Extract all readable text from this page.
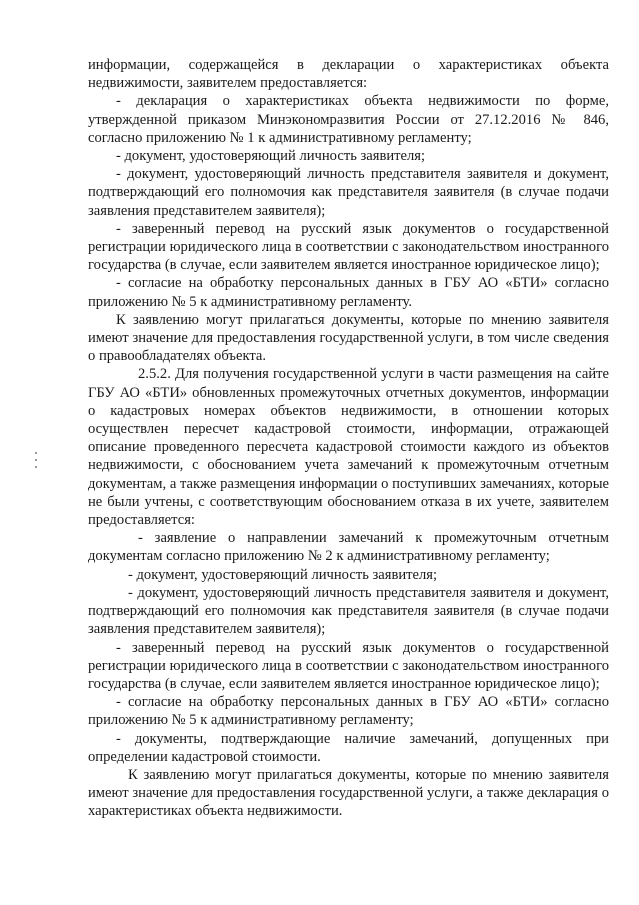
информации, содержащейся в декларации о характеристиках объекта недвижимости, заявителем предоставляется:

- декларация о характеристиках объекта недвижимости по форме, утвержденной приказом Минэкономразвития России от 27.12.2016 № 846, согласно приложению № 1 к административному регламенту;

- документ, удостоверяющий личность заявителя;

- документ, удостоверяющий личность представителя заявителя и документ, подтверждающий его полномочия как представителя заявителя (в случае подачи заявления представителем заявителя);

- заверенный перевод на русский язык документов о государственной регистрации юридического лица в соответствии с законодательством иностранного государства (в случае, если заявителем является иностранное юридическое лицо);

- согласие на обработку персональных данных в ГБУ АО «БТИ» согласно приложению № 5 к административному регламенту.

К заявлению могут прилагаться документы, которые по мнению заявителя имеют значение для предоставления государственной услуги, в том числе сведения о правообладателях объекта.

2.5.2. Для получения государственной услуги в части размещения на сайте ГБУ АО «БТИ» обновленных промежуточных отчетных документов, информации о кадастровых номерах объектов недвижимости, в отношении которых осуществлен пересчет кадастровой стоимости, информации, отражающей описание проведенного пересчета кадастровой стоимости каждого из объектов недвижимости, с обоснованием учета замечаний к промежуточным отчетным документам, а также размещения информации о поступивших замечаниях, которые не были учтены, с соответствующим обоснованием отказа в их учете, заявителем предоставляется:

- заявление о направлении замечаний к промежуточным отчетным документам согласно приложению № 2 к административному регламенту;

- документ, удостоверяющий личность заявителя;

- документ, удостоверяющий личность представителя заявителя и документ, подтверждающий его полномочия как представителя заявителя (в случае подачи заявления представителем заявителя);

- заверенный перевод на русский язык документов о государственной регистрации юридического лица в соответствии с законодательством иностранного государства (в случае, если заявителем является иностранное юридическое лицо);

- согласие на обработку персональных данных в ГБУ АО «БТИ» согласно приложению № 5 к административному регламенту;

- документы, подтверждающие наличие замечаний, допущенных при определении кадастровой стоимости.

К заявлению могут прилагаться документы, которые по мнению заявителя имеют значение для предоставления государственной услуги, а также декларация о характеристиках объекта недвижимости.
